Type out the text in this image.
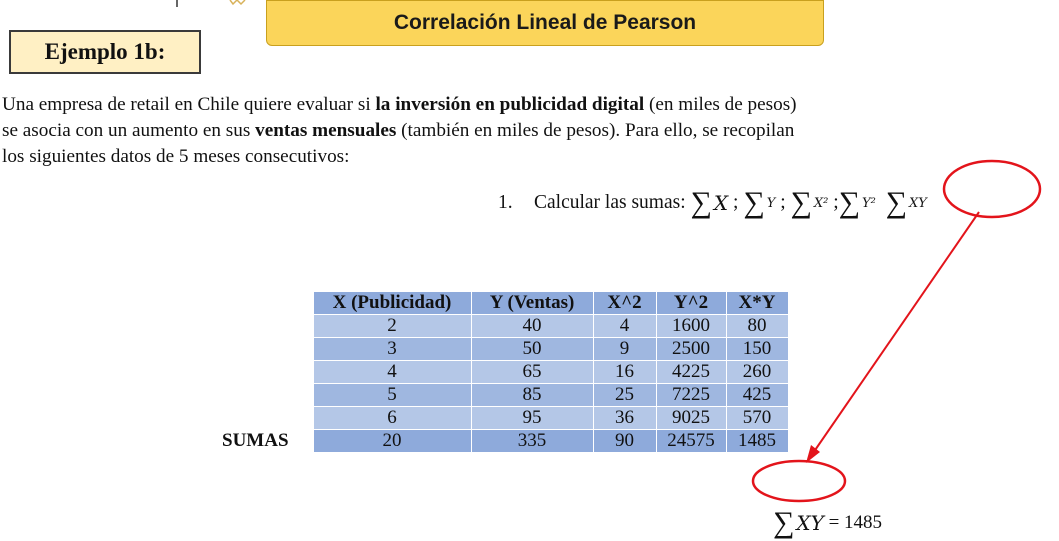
Correlación Lineal de Pearson
Ejemplo 1b:
Una empresa de retail en Chile quiere evaluar si la inversión en publicidad digital (en miles de pesos)
se asocia con un aumento en sus ventas mensuales (también en miles de pesos). Para ello, se recopilan
los siguientes datos de 5 meses consecutivos:
1.	Calcular las sumas:
∑ X
;
∑ Y
;
∑ X²
; ∑ Y²
∑ XY
	X (Publicidad)	Y (Ventas)	X^2	Y^2	X*Y
	2	40	4	1600	80
	3	50	9	2500	150
	4	65	16	4225	260
	5	85	25	7225	425
	6	95	36	9025	570
SUMAS	20	335	90	24575	1485
∑ XY
= 1485
